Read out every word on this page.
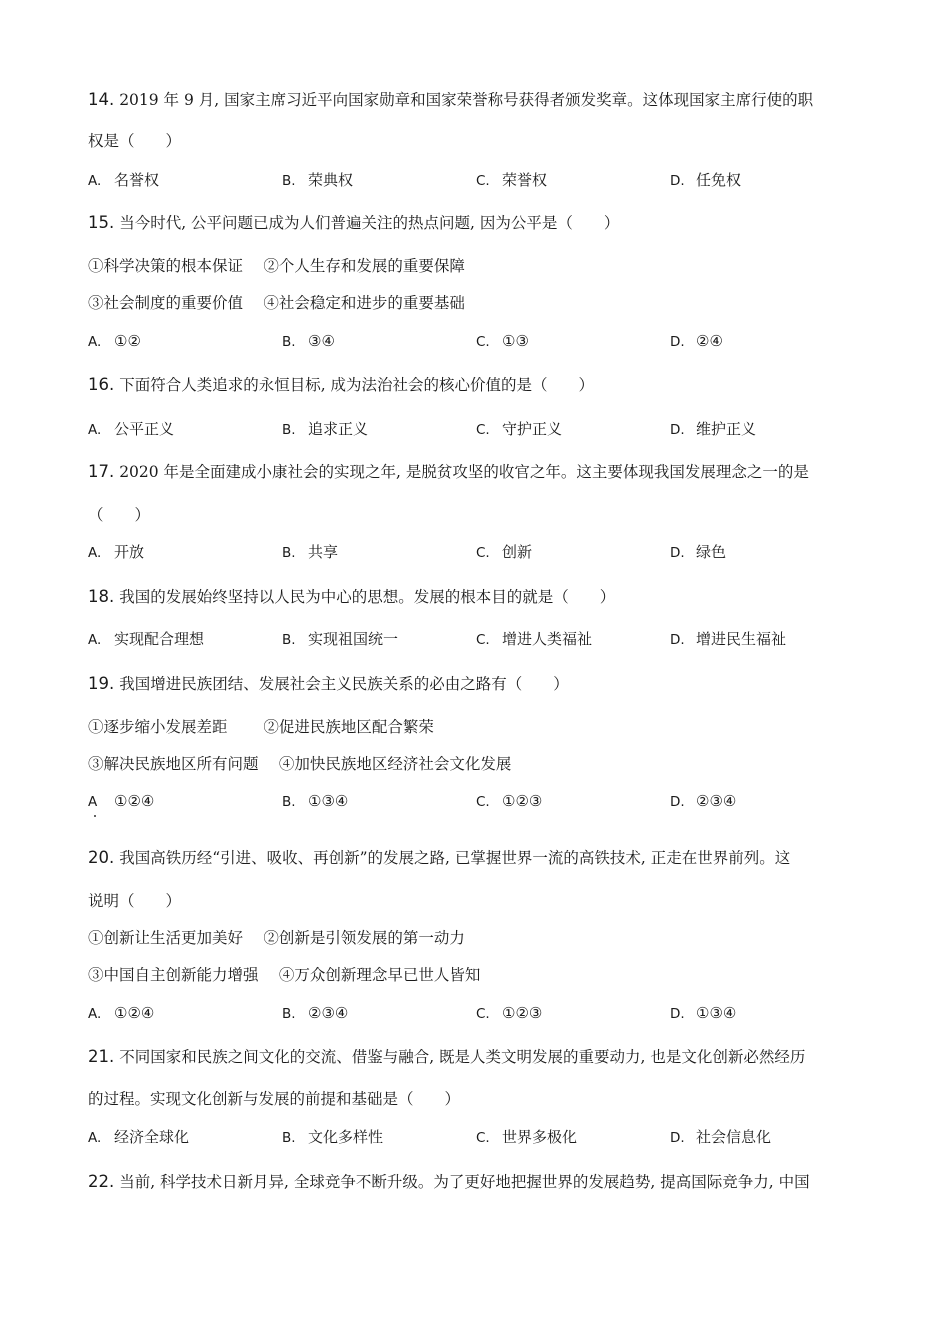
14. 2019 年 9 月, 国家主席习近平向国家勋章和国家荣誉称号获得者颁发奖章。这体现国家主席行使的职
权是（　　）
A. 名誉权	B. 荣典权	C. 荣誉权	D. 任免权
15. 当今时代, 公平问题已成为人们普遍关注的热点问题, 因为公平是（　　）
①科学决策的根本保证　 ②个人生存和发展的重要保障
③社会制度的重要价值　 ④社会稳定和进步的重要基础
A. ①②	B. ③④	C. ①③	D. ②④
16. 下面符合人类追求的永恒目标, 成为法治社会的核心价值的是（　　）
A. 公平正义	B. 追求正义	C. 守护正义	D. 维护正义
17. 2020 年是全面建成小康社会的实现之年, 是脱贫攻坚的收官之年。这主要体现我国发展理念之一的是
（　　）
A. 开放	B. 共享	C. 创新	D. 绿色
18. 我国的发展始终坚持以人民为中心的思想。发展的根本目的就是（　　）
A. 实现配合理想	B. 实现祖国统一	C. 增进人类福祉	D. 增进民生福祉
19. 我国增进民族团结、发展社会主义民族关系的必由之路有（　　）
①逐步缩小发展差距　　 ②促进民族地区配合繁荣
③解决民族地区所有问题　 ④加快民族地区经济社会文化发展
A ①②④	B. ①③④	C. ①②③	D. ②③④
20. 我国高铁历经“引进、吸收、再创新”的发展之路, 已掌握世界一流的高铁技术, 正走在世界前列。这
说明（　　）
①创新让生活更加美好　 ②创新是引领发展的第一动力
③中国自主创新能力增强　 ④万众创新理念早已世人皆知
A. ①②④	B. ②③④	C. ①②③	D. ①③④
21. 不同国家和民族之间文化的交流、借鉴与融合, 既是人类文明发展的重要动力, 也是文化创新必然经历
的过程。实现文化创新与发展的前提和基础是（　　）
A. 经济全球化	B. 文化多样性	C. 世界多极化	D. 社会信息化
22. 当前, 科学技术日新月异, 全球竞争不断升级。为了更好地把握世界的发展趋势, 提高国际竞争力, 中国
